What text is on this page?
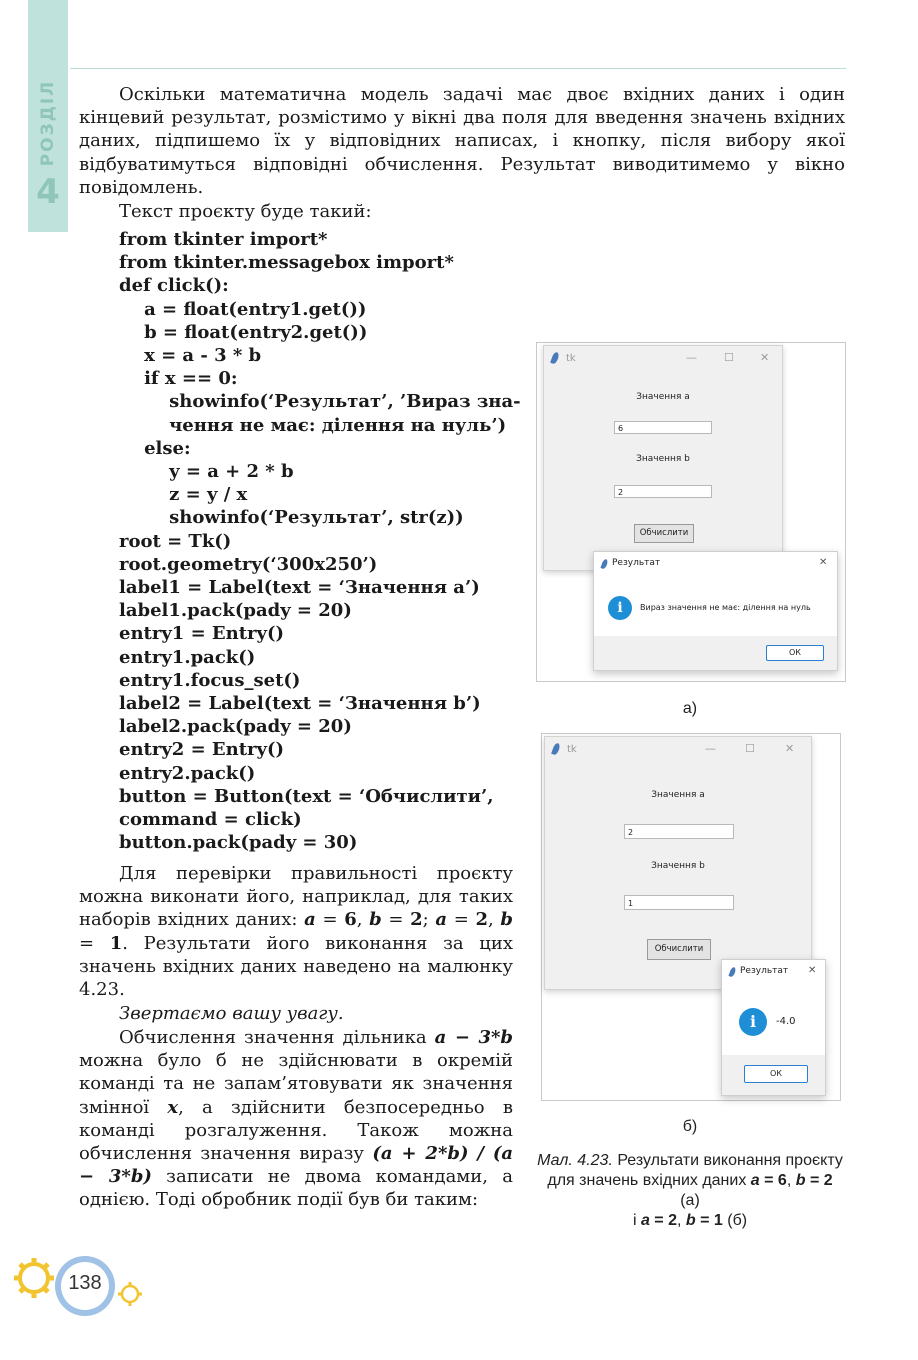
РОЗДІЛ
4
Оскільки математична модель задачі має двоє вхідних даних і один кінцевий результат, розмістимо у вікні два поля для введення значень вхідних даних, підпишемо їх у відповідних написах, і кнопку, після вибору якої відбуватимуться відповідні обчислення. Результат виводитимемо у вікно повідомлень.
Текст проєкту буде такий:
from tkinter import*
from tkinter.messagebox import*
def click():
a = float(entry1.get())
b = float(entry2.get())
x = a - 3 * b
if x == 0:
showinfo(‘Результат’, ’Вираз зна-
чення не має: ділення на нуль’)
else:
y = a + 2 * b
z = y / x
showinfo(‘Результат’, str(z))
root = Tk()
root.geometry(‘300x250’)
label1 = Label(text = ‘Значення a’)
label1.pack(pady = 20)
entry1 = Entry()
entry1.pack()
entry1.focus_set()
label2 = Label(text = ‘Значення b’)
label2.pack(pady = 20)
entry2 = Entry()
entry2.pack()
button = Button(text = ‘Обчислити’,
command = click)
button.pack(pady = 30)
Для перевірки правильності проєкту можна виконати його, наприклад, для таких наборів вхідних даних: a = 6, b = 2; a = 2, b = 1. Результати його виконання за цих значень вхідних даних наведено на малюнку 4.23.
Звертаємо вашу увагу.
Обчислення значення дільника a − 3*b можна було б не здійснювати в окремій команді та не запам’ятовувати як значення змінної x, а здійснити безпосередньо в команді розгалуження. Також можна обчислення значення виразу (a + 2*b) / (a − 3*b) записати не двома командами, а однією. Тоді обробник події був би таким:
tk	— ☐ ✕
Значення a
6
Значення b
2
Обчислити
Результат	✕
i	Вираз значення не має: ділення на нуль
ОК
а)
tk	—	☐	✕
Значення a
2
Значення b
1
Обчислити
Результат ✕
i	-4.0
ОК
б)
Мал. 4.23. Результати виконання проєкту для значень вхідних даних a = 6, b = 2 (а)
і a = 2, b = 1 (б)
138
